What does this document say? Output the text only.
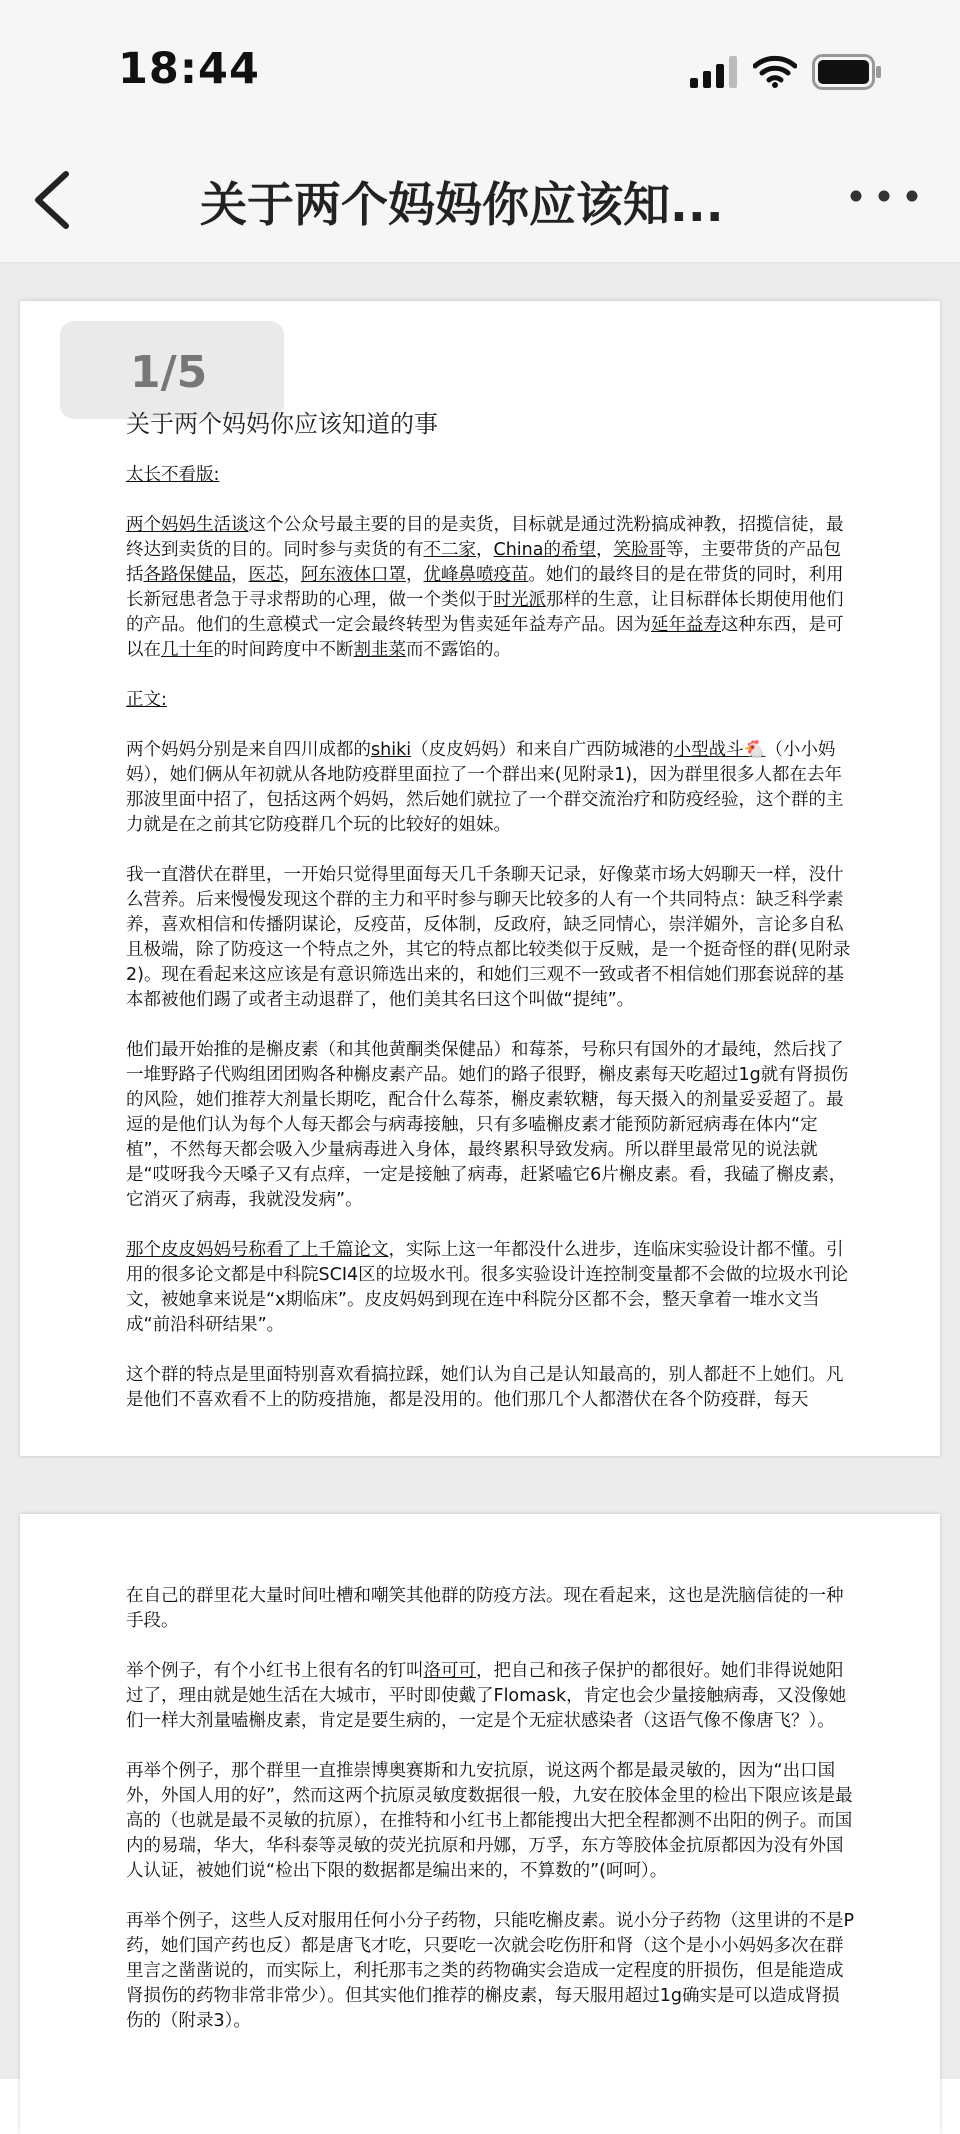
18:44
关于两个妈妈你应该知...
1/5

关于两个妈妈你应该知道的事

太长不看版:

两个妈妈生活谈这个公众号最主要的目的是卖货，目标就是通过洗粉搞成神教，招揽信徒，最终达到卖货的目的。同时参与卖货的有不二家，China的希望，笑脸哥等，主要带货的产品包括各路保健品，医芯，阿东液体口罩，优峰鼻喷疫苗。她们的最终目的是在带货的同时，利用长新冠患者急于寻求帮助的心理，做一个类似于时光派那样的生意，让目标群体长期使用他们的产品。他们的生意模式一定会最终转型为售卖延年益寿产品。因为延年益寿这种东西，是可以在几十年的时间跨度中不断割韭菜而不露馅的。

正文:

两个妈妈分别是来自四川成都的shiki（皮皮妈妈）和来自广西防城港的小型战斗🐔（小小妈妈），她们俩从年初就从各地防疫群里面拉了一个群出来(见附录1)，因为群里很多人都在去年那波里面中招了，包括这两个妈妈，然后她们就拉了一个群交流治疗和防疫经验，这个群的主力就是在之前其它防疫群几个玩的比较好的姐妹。

我一直潜伏在群里，一开始只觉得里面每天几千条聊天记录，好像菜市场大妈聊天一样，没什么营养。后来慢慢发现这个群的主力和平时参与聊天比较多的人有一个共同特点：缺乏科学素养，喜欢相信和传播阴谋论，反疫苗，反体制，反政府，缺乏同情心，崇洋媚外，言论多自私且极端，除了防疫这一个特点之外，其它的特点都比较类似于反贼，是一个挺奇怪的群(见附录2)。现在看起来这应该是有意识筛选出来的，和她们三观不一致或者不相信她们那套说辞的基本都被他们踢了或者主动退群了，他们美其名曰这个叫做“提纯”。

他们最开始推的是槲皮素（和其他黄酮类保健品）和莓茶，号称只有国外的才最纯，然后找了一堆野路子代购组团团购各种槲皮素产品。她们的路子很野，槲皮素每天吃超过1g就有肾损伤的风险，她们推荐大剂量长期吃，配合什么莓茶，槲皮素软糖，每天摄入的剂量妥妥超了。最逗的是他们认为每个人每天都会与病毒接触，只有多嗑槲皮素才能预防新冠病毒在体内“定植”，不然每天都会吸入少量病毒进入身体，最终累积导致发病。所以群里最常见的说法就是“哎呀我今天嗓子又有点痒，一定是接触了病毒，赶紧嗑它6片槲皮素。看，我磕了槲皮素，它消灭了病毒，我就没发病”。

那个皮皮妈妈号称看了上千篇论文，实际上这一年都没什么进步，连临床实验设计都不懂。引用的很多论文都是中科院SCI4区的垃圾水刊。很多实验设计连控制变量都不会做的垃圾水刊论文，被她拿来说是“x期临床”。皮皮妈妈到现在连中科院分区都不会，整天拿着一堆水文当成“前沿科研结果”。

这个群的特点是里面特别喜欢看搞拉踩，她们认为自己是认知最高的，别人都赶不上她们。凡是他们不喜欢看不上的防疫措施，都是没用的。他们那几个人都潜伏在各个防疫群，每天

在自己的群里花大量时间吐槽和嘲笑其他群的防疫方法。现在看起来，这也是洗脑信徒的一种手段。

举个例子，有个小红书上很有名的钉叫洛可可，把自己和孩子保护的都很好。她们非得说她阳过了，理由就是她生活在大城市，平时即使戴了Flomask，肯定也会少量接触病毒，又没像她们一样大剂量嗑槲皮素，肯定是要生病的，一定是个无症状感染者（这语气像不像唐飞？）。

再举个例子，那个群里一直推崇博奥赛斯和九安抗原，说这两个都是最灵敏的，因为“出口国外，外国人用的好”，然而这两个抗原灵敏度数据很一般，九安在胶体金里的检出下限应该是最高的（也就是最不灵敏的抗原），在推特和小红书上都能搜出大把全程都测不出阳的例子。而国内的易瑞，华大，华科泰等灵敏的荧光抗原和丹娜，万孚，东方等胶体金抗原都因为没有外国人认证，被她们说“检出下限的数据都是编出来的，不算数的”(呵呵）。

再举个例子，这些人反对服用任何小分子药物，只能吃槲皮素。说小分子药物（这里讲的不是P药，她们国产药也反）都是唐飞才吃，只要吃一次就会吃伤肝和肾（这个是小小妈妈多次在群里言之凿凿说的，而实际上，利托那韦之类的药物确实会造成一定程度的肝损伤，但是能造成肾损伤的药物非常非常少）。但其实他们推荐的槲皮素，每天服用超过1g确实是可以造成肾损伤的（附录3）。
